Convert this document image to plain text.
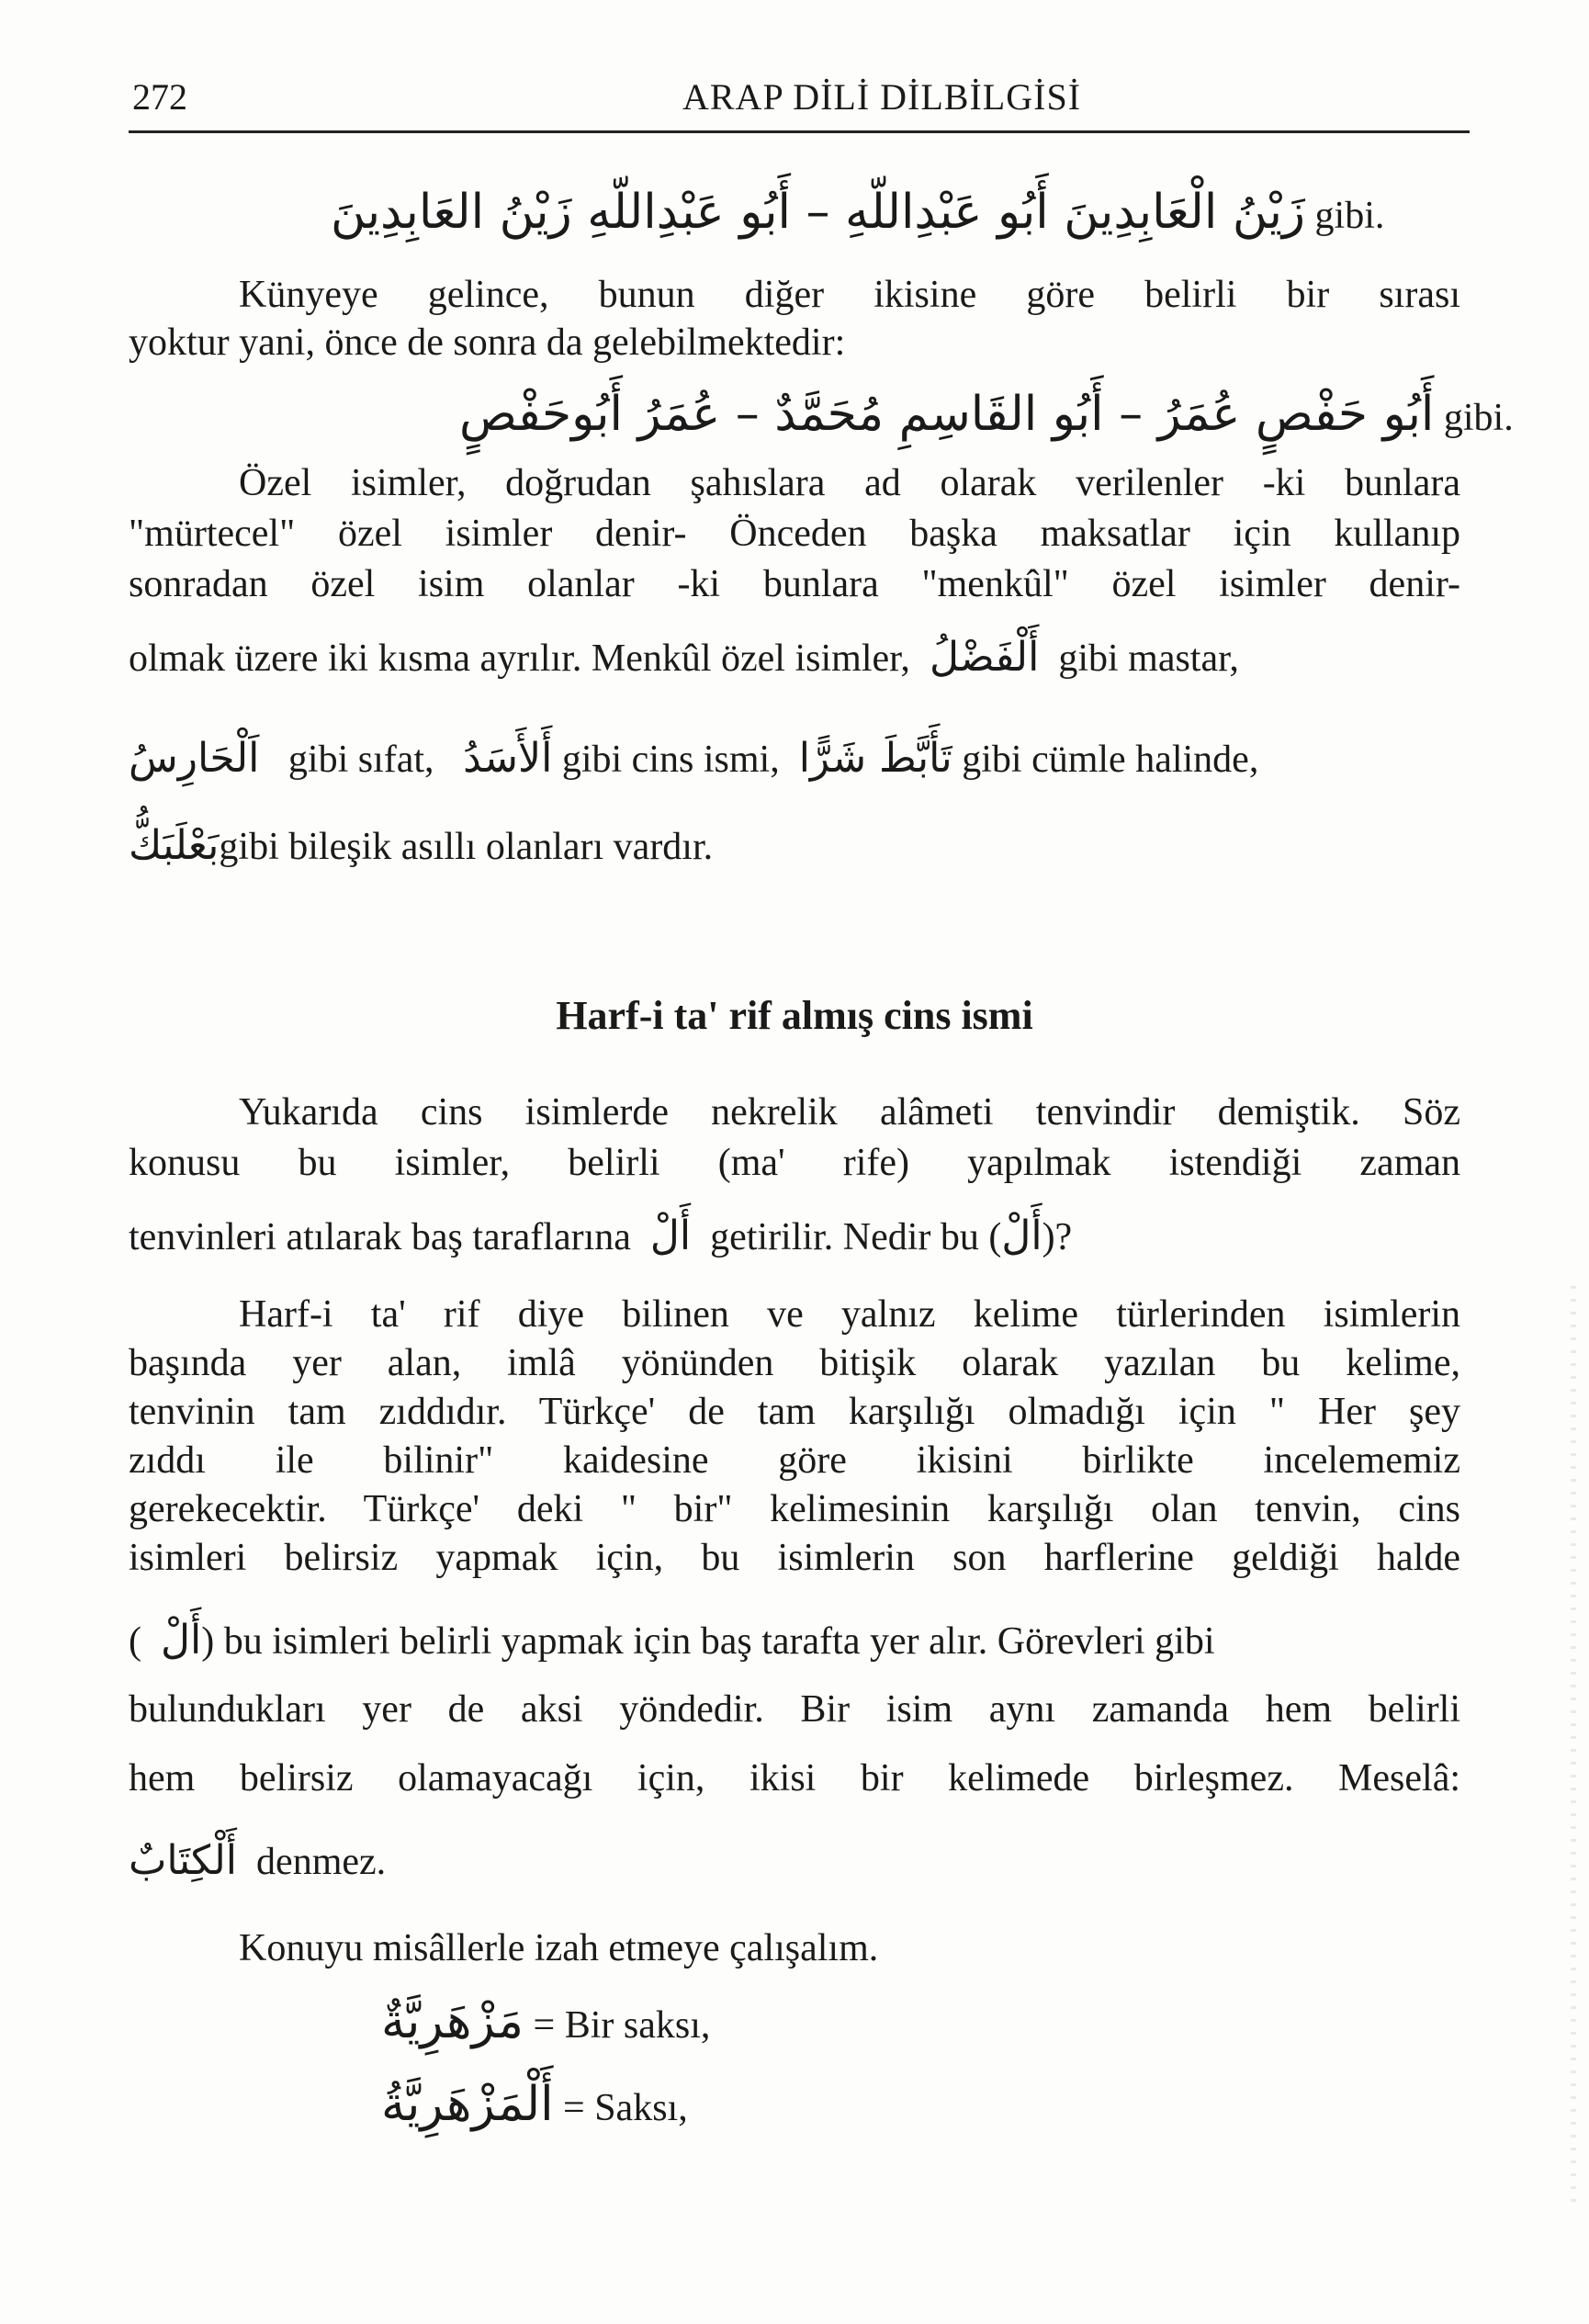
272	ARAP DİLİ DİLBİLGİSİ
زَيْنُ الْعَابِدِينَ أَبُو عَبْدِاللّهِ – أَبُو عَبْدِاللّهِ زَيْنُ العَابِدِينَ gibi.
Künyeye gelince, bunun diğer ikisine göre belirli bir sırası
yoktur yani, önce de sonra da gelebilmektedir:
أَبُو حَفْصٍ عُمَرُ – أَبُو القَاسِمِ مُحَمَّدٌ – عُمَرُ أَبُوحَفْصٍ gibi.
Özel isimler, doğrudan şahıslara ad olarak verilenler -ki bunlara
"mürtecel" özel isimler denir- Önceden başka maksatlar için kullanıp
sonradan özel isim olanlar -ki bunlara "menkûl" özel isimler denir-
olmak üzere iki kısma ayrılır. Menkûl özel isimler, أَلْفَضْلُ gibi mastar,
اَلْحَارِسُ gibi sıfat, أَلأَسَدُ gibi cins ismi, تَأَبَّطَ شَرًّا gibi cümle halinde,
بَعْلَبَكُّgibi bileşik asıllı olanları vardır.
Harf-i ta' rif almış cins ismi
Yukarıda cins isimlerde nekrelik alâmeti tenvindir demiştik. Söz
konusu bu isimler, belirli (ma' rife) yapılmak istendiği zaman
tenvinleri atılarak baş taraflarına أَلْ getirilir. Nedir bu (أَلْ)?
Harf-i ta' rif diye bilinen ve yalnız kelime türlerinden isimlerin
başında yer alan, imlâ yönünden bitişik olarak yazılan bu kelime,
tenvinin tam zıddıdır. Türkçe' de tam karşılığı olmadığı için " Her şey
zıddı ile bilinir" kaidesine göre ikisini birlikte incelememiz
gerekecektir. Türkçe' deki " bir" kelimesinin karşılığı olan tenvin, cins
isimleri belirsiz yapmak için, bu isimlerin son harflerine geldiği halde
( أَلْ) bu isimleri belirli yapmak için baş tarafta yer alır. Görevleri gibi
bulundukları yer de aksi yöndedir. Bir isim aynı zamanda hem belirli
hem belirsiz olamayacağı için, ikisi bir kelimede birleşmez. Meselâ:
أَلْكِتَابٌ denmez.
Konuyu misâllerle izah etmeye çalışalım.
مَزْهَرِيَّةٌ = Bir saksı,
أَلْمَزْهَرِيَّةُ = Saksı,
